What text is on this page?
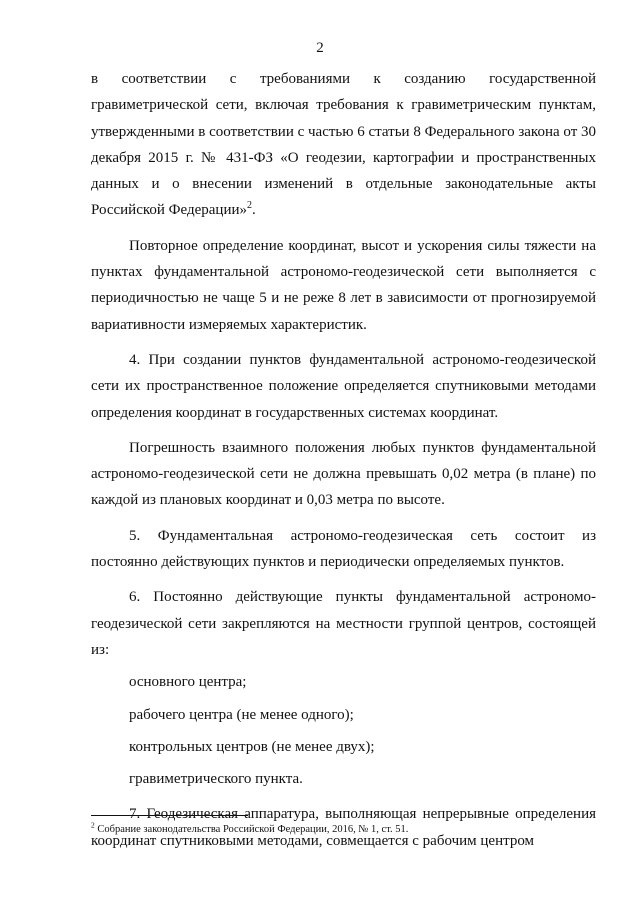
2

в соответствии с требованиями к созданию государственной гравиметрической сети, включая требования к гравиметрическим пунктам, утвержденными в соответствии с частью 6 статьи 8 Федерального закона от 30 декабря 2015 г. № 431-ФЗ «О геодезии, картографии и пространственных данных и о внесении изменений в отдельные законодательные акты Российской Федерации»$^2$.

Повторное определение координат, высот и ускорения силы тяжести на пунктах фундаментальной астрономо-геодезической сети выполняется с периодичностью не чаще 5 и не реже 8 лет в зависимости от прогнозируемой вариативности измеряемых характеристик.

4. При создании пунктов фундаментальной астрономо-геодезической сети их пространственное положение определяется спутниковыми методами определения координат в государственных системах координат.

Погрешность взаимного положения любых пунктов фундаментальной астрономо-геодезической сети не должна превышать 0,02 метра (в плане) по каждой из плановых координат и 0,03 метра по высоте.

5. Фундаментальная астрономо-геодезическая сеть состоит из постоянно действующих пунктов и периодически определяемых пунктов.

6. Постоянно действующие пункты фундаментальной астрономо-геодезической сети закрепляются на местности группой центров, состоящей из:

основного центра;

рабочего центра (не менее одного);

контрольных центров (не менее двух);

гравиметрического пункта.

7. Геодезическая аппаратура, выполняющая непрерывные определения координат спутниковыми методами, совмещается с рабочим центром

$^2$ Собрание законодательства Российской Федерации, 2016, № 1, ст. 51.
